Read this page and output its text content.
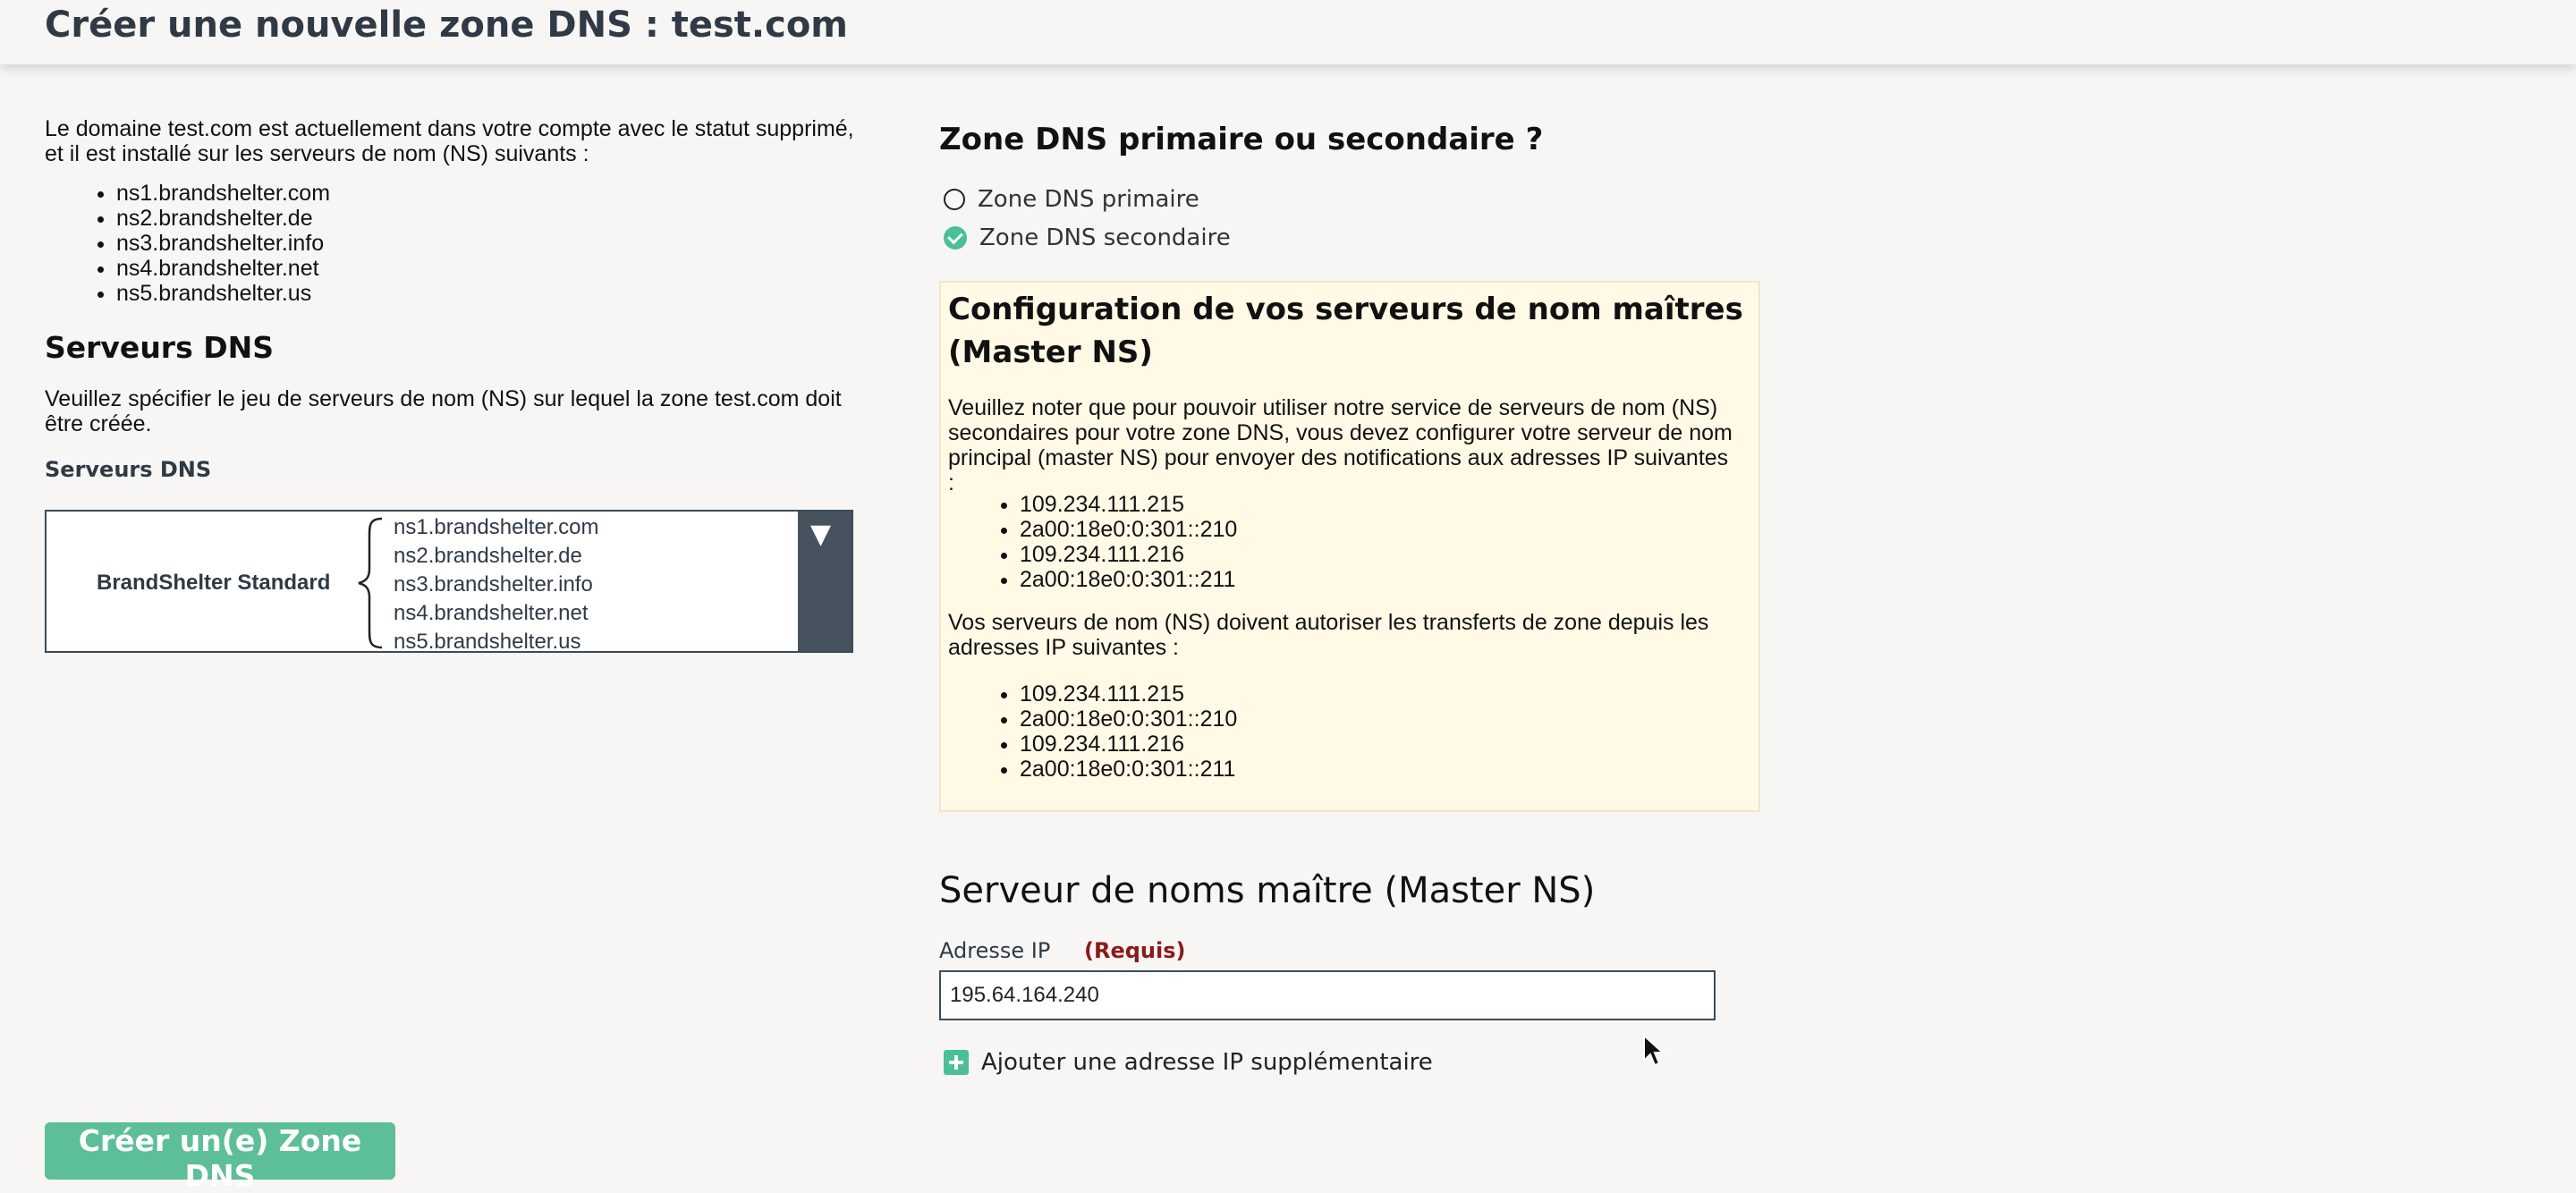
Créer une nouvelle zone DNS : test.com

Le domaine test.com est actuellement dans votre compte avec le statut supprimé, et il est installé sur les serveurs de nom (NS) suivants :

• ns1.brandshelter.com
• ns2.brandshelter.de
• ns3.brandshelter.info
• ns4.brandshelter.net
• ns5.brandshelter.us
Serveurs DNS

Veuillez spécifier le jeu de serveurs de nom (NS) sur lequel la zone test.com doit être créée.

Serveurs DNS
BrandShelter Standard
ns1.brandshelter.com
ns2.brandshelter.de
ns3.brandshelter.info
ns4.brandshelter.net
ns5.brandshelter.us
▼
Zone DNS primaire ou secondaire ?
Zone DNS primaire
Zone DNS secondaire
Configuration de vos serveurs de nom maîtres (Master NS)

Veuillez noter que pour pouvoir utiliser notre service de serveurs de nom (NS) secondaires pour votre zone DNS, vous devez configurer votre serveur de nom principal (master NS) pour envoyer des notifications aux adresses IP suivantes :

• 109.234.111.215
• 2a00:18e0:0:301::210
• 109.234.111.216
• 2a00:18e0:0:301::211

Vos serveurs de nom (NS) doivent autoriser les transferts de zone depuis les adresses IP suivantes :

• 109.234.111.215
• 2a00:18e0:0:301::210
• 109.234.111.216
• 2a00:18e0:0:301::211
Serveur de noms maître (Master NS)
Adresse IP (Requis)
195.64.164.240
Ajouter une adresse IP supplémentaire
Créer un(e) Zone DNS
